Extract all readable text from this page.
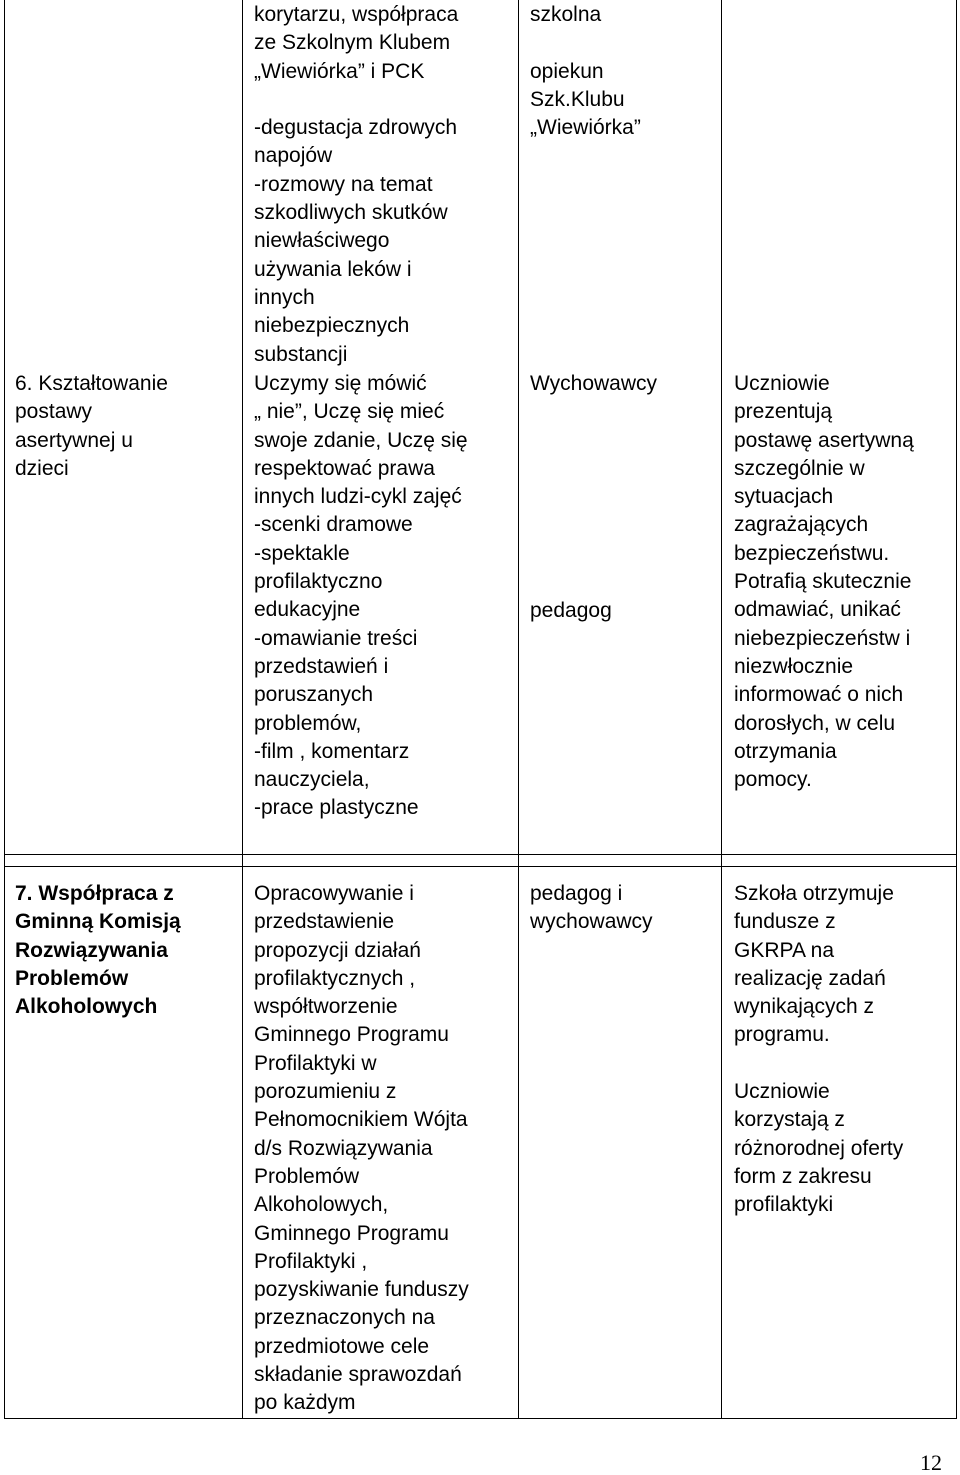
korytarzu, współpraca
ze Szkolnym Klubem
„Wiewiórka” i PCK
-degustacja zdrowych
napojów
-rozmowy na temat
szkodliwych skutków
niewłaściwego
używania leków i
innych
niebezpiecznych
substancji
szkolna
opiekun
Szk.Klubu
„Wiewiórka”
6. Kształtowanie
postawy
asertywnej u
dzieci
Uczymy się mówić
„ nie”, Uczę się mieć
swoje zdanie, Uczę się
respektować prawa
innych ludzi-cykl zajęć
-scenki dramowe
-spektakle
profilaktyczno
edukacyjne
-omawianie treści
przedstawień i
poruszanych
problemów,
-film , komentarz
nauczyciela,
-prace plastyczne
Wychowawcy
pedagog
Uczniowie
prezentują
postawę asertywną
szczególnie w
sytuacjach
zagrażających
bezpieczeństwu.
Potrafią skutecznie
odmawiać, unikać
niebezpieczeństw i
niezwłocznie
informować o nich
dorosłych, w celu
otrzymania
pomocy.
7. Współpraca z
Gminną Komisją
Rozwiązywania
Problemów
Alkoholowych
Opracowywanie i
przedstawienie
propozycji działań
profilaktycznych ,
współtworzenie
Gminnego Programu
Profilaktyki w
porozumieniu z
Pełnomocnikiem Wójta
d/s Rozwiązywania
Problemów
Alkoholowych,
Gminnego Programu
Profilaktyki ,
pozyskiwanie funduszy
przeznaczonych na
przedmiotowe cele
składanie sprawozdań
po każdym
pedagog i
wychowawcy
Szkoła otrzymuje
fundusze z
GKRPA na
realizację zadań
wynikających z
programu.
Uczniowie
korzystają z
różnorodnej oferty
form z zakresu
profilaktyki
12
